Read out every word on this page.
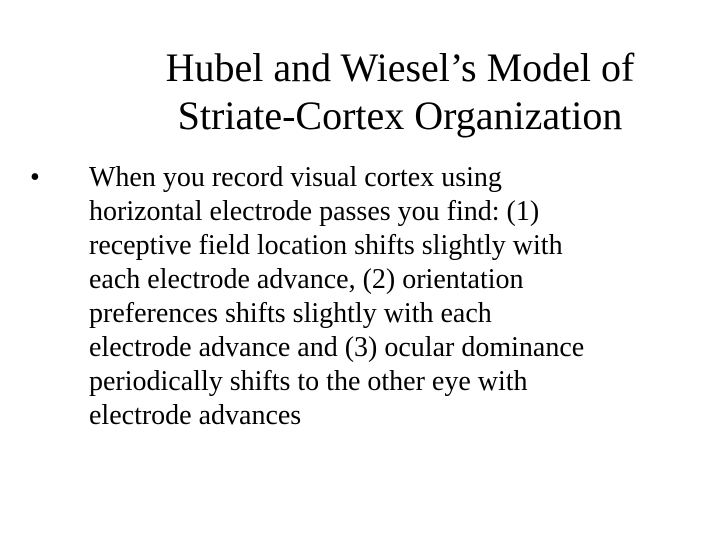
Hubel and Wiesel’s Model of
Striate-Cortex Organization
• When you record visual cortex using
horizontal electrode passes you find: (1)
receptive field location shifts slightly with
each electrode advance, (2) orientation
preferences shifts slightly with each
electrode advance and (3) ocular dominance
periodically shifts to the other eye with
electrode advances
